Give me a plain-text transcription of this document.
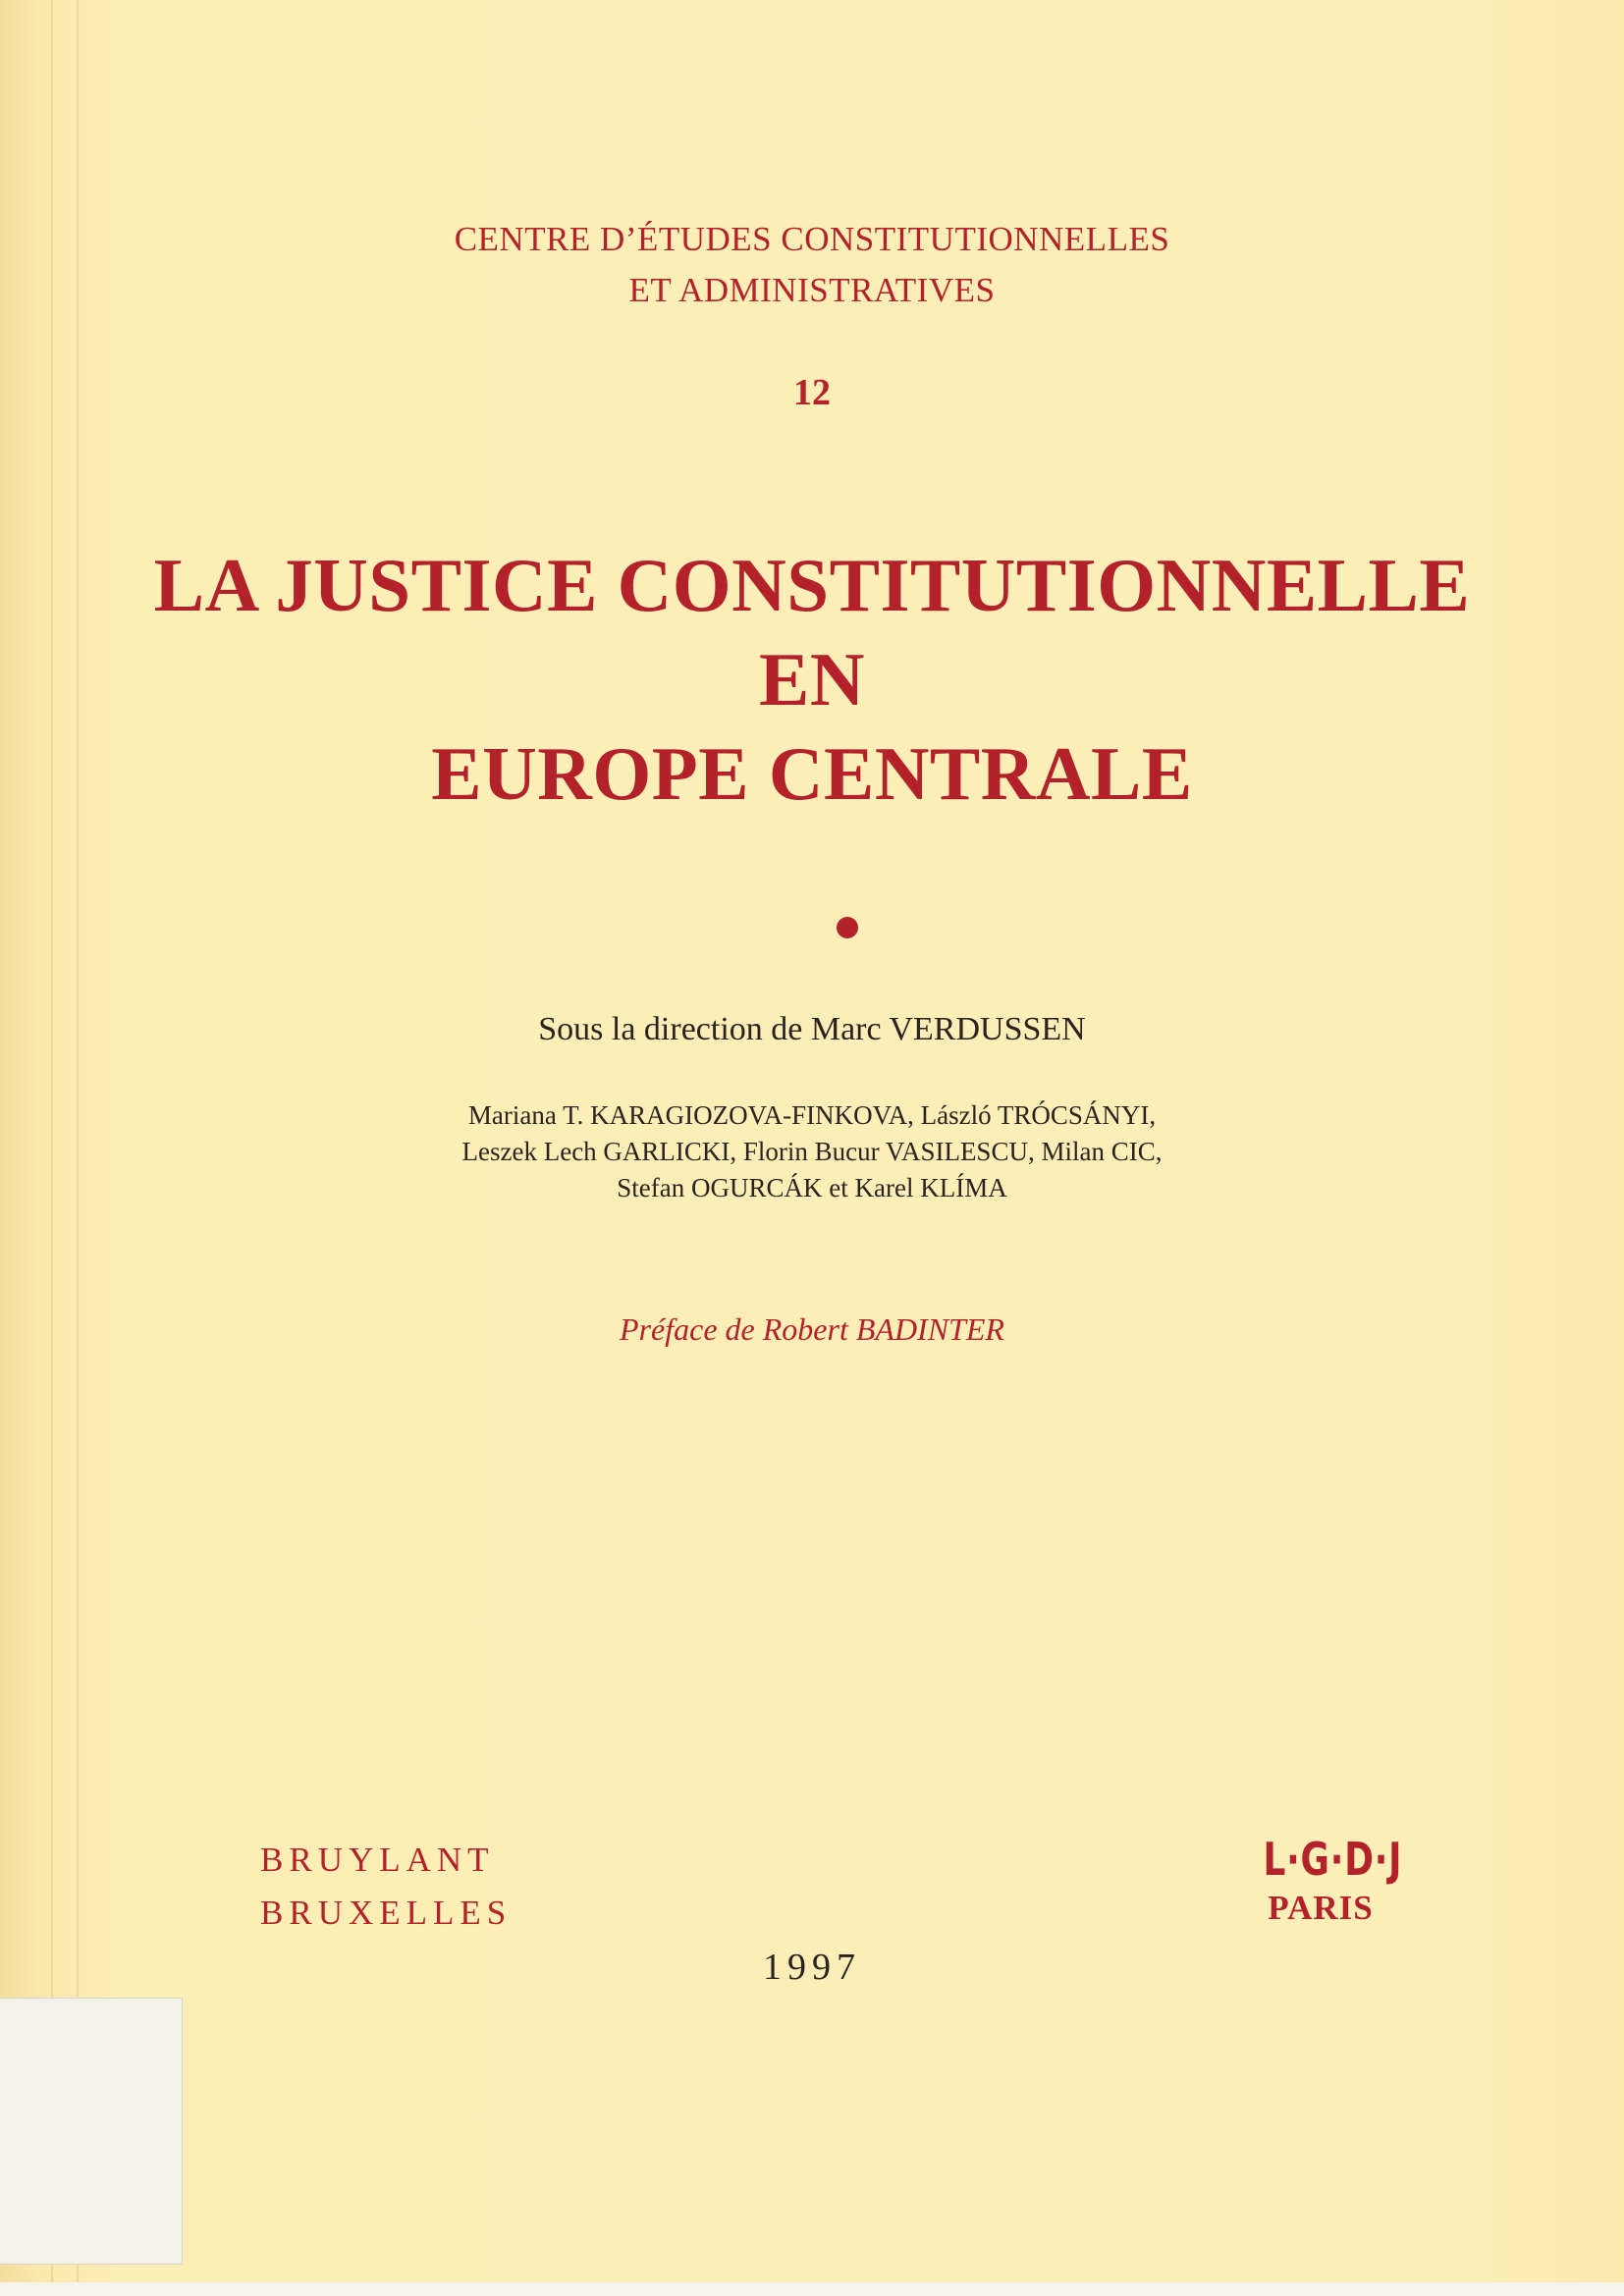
CENTRE D’ÉTUDES CONSTITUTIONNELLES
ET ADMINISTRATIVES
12
LA JUSTICE CONSTITUTIONNELLE
EN
EUROPE CENTRALE
Sous la direction de Marc VERDUSSEN
Mariana T. KARAGIOZOVA-FINKOVA, László TRÓCSÁNYI,
Leszek Lech GARLICKI, Florin Bucur VASILESCU, Milan CIC,
Stefan OGURCÁK et Karel KLÍMA
Préface de Robert BADINTER
BRUYLANT
BRUXELLES
L·G·D·J
PARIS
1997
